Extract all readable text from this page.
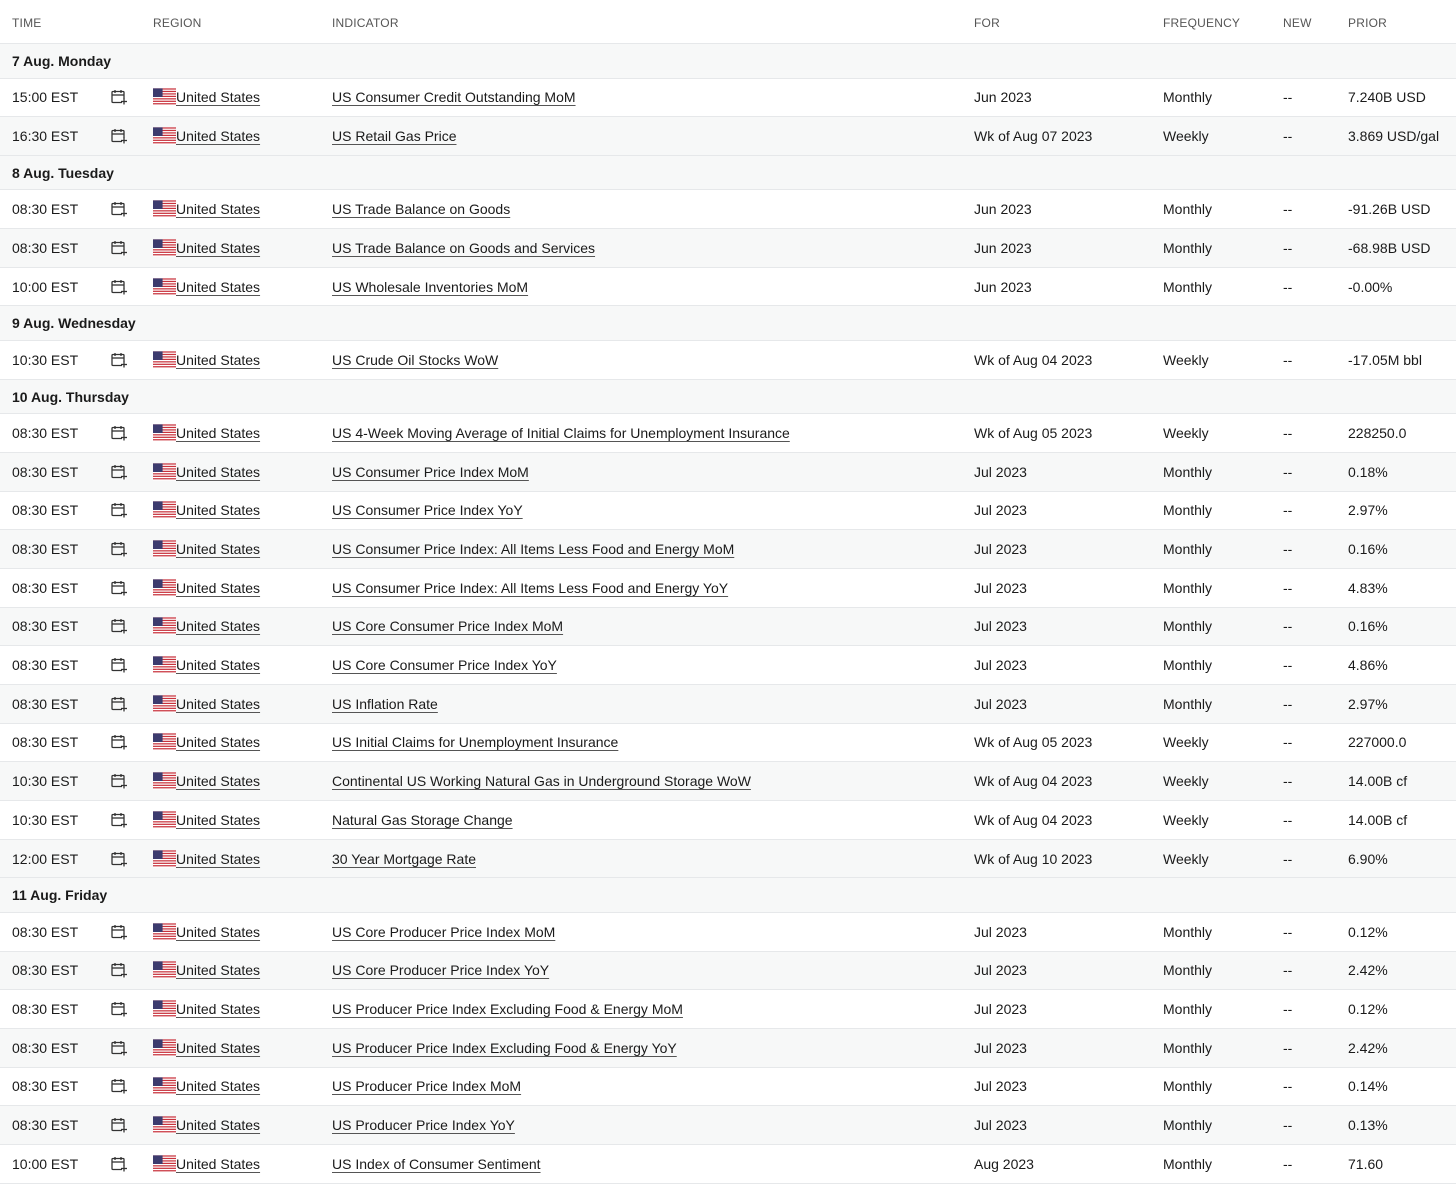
TIME	REGION	INDICATOR	FOR	FREQUENCY	NEW	PRIOR
7 Aug. Monday
15:00 EST	United States	US Consumer Credit Outstanding MoM	Jun 2023	Monthly	--	7.240B USD
16:30 EST	United States	US Retail Gas Price	Wk of Aug 07 2023	Weekly	--	3.869 USD/gal
8 Aug. Tuesday
08:30 EST	United States	US Trade Balance on Goods	Jun 2023	Monthly	--	-91.26B USD
08:30 EST	United States	US Trade Balance on Goods and Services	Jun 2023	Monthly	--	-68.98B USD
10:00 EST	United States	US Wholesale Inventories MoM	Jun 2023	Monthly	--	-0.00%
9 Aug. Wednesday
10:30 EST	United States	US Crude Oil Stocks WoW	Wk of Aug 04 2023	Weekly	--	-17.05M bbl
10 Aug. Thursday
08:30 EST	United States	US 4-Week Moving Average of Initial Claims for Unemployment Insurance	Wk of Aug 05 2023	Weekly	--	228250.0
08:30 EST	United States	US Consumer Price Index MoM	Jul 2023	Monthly	--	0.18%
08:30 EST	United States	US Consumer Price Index YoY	Jul 2023	Monthly	--	2.97%
08:30 EST	United States	US Consumer Price Index: All Items Less Food and Energy MoM	Jul 2023	Monthly	--	0.16%
08:30 EST	United States	US Consumer Price Index: All Items Less Food and Energy YoY	Jul 2023	Monthly	--	4.83%
08:30 EST	United States	US Core Consumer Price Index MoM	Jul 2023	Monthly	--	0.16%
08:30 EST	United States	US Core Consumer Price Index YoY	Jul 2023	Monthly	--	4.86%
08:30 EST	United States	US Inflation Rate	Jul 2023	Monthly	--	2.97%
08:30 EST	United States	US Initial Claims for Unemployment Insurance	Wk of Aug 05 2023	Weekly	--	227000.0
10:30 EST	United States	Continental US Working Natural Gas in Underground Storage WoW	Wk of Aug 04 2023	Weekly	--	14.00B cf
10:30 EST	United States	Natural Gas Storage Change	Wk of Aug 04 2023	Weekly	--	14.00B cf
12:00 EST	United States	30 Year Mortgage Rate	Wk of Aug 10 2023	Weekly	--	6.90%
11 Aug. Friday
08:30 EST	United States	US Core Producer Price Index MoM	Jul 2023	Monthly	--	0.12%
08:30 EST	United States	US Core Producer Price Index YoY	Jul 2023	Monthly	--	2.42%
08:30 EST	United States	US Producer Price Index Excluding Food & Energy MoM	Jul 2023	Monthly	--	0.12%
08:30 EST	United States	US Producer Price Index Excluding Food & Energy YoY	Jul 2023	Monthly	--	2.42%
08:30 EST	United States	US Producer Price Index MoM	Jul 2023	Monthly	--	0.14%
08:30 EST	United States	US Producer Price Index YoY	Jul 2023	Monthly	--	0.13%
10:00 EST	United States	US Index of Consumer Sentiment	Aug 2023	Monthly	--	71.60
